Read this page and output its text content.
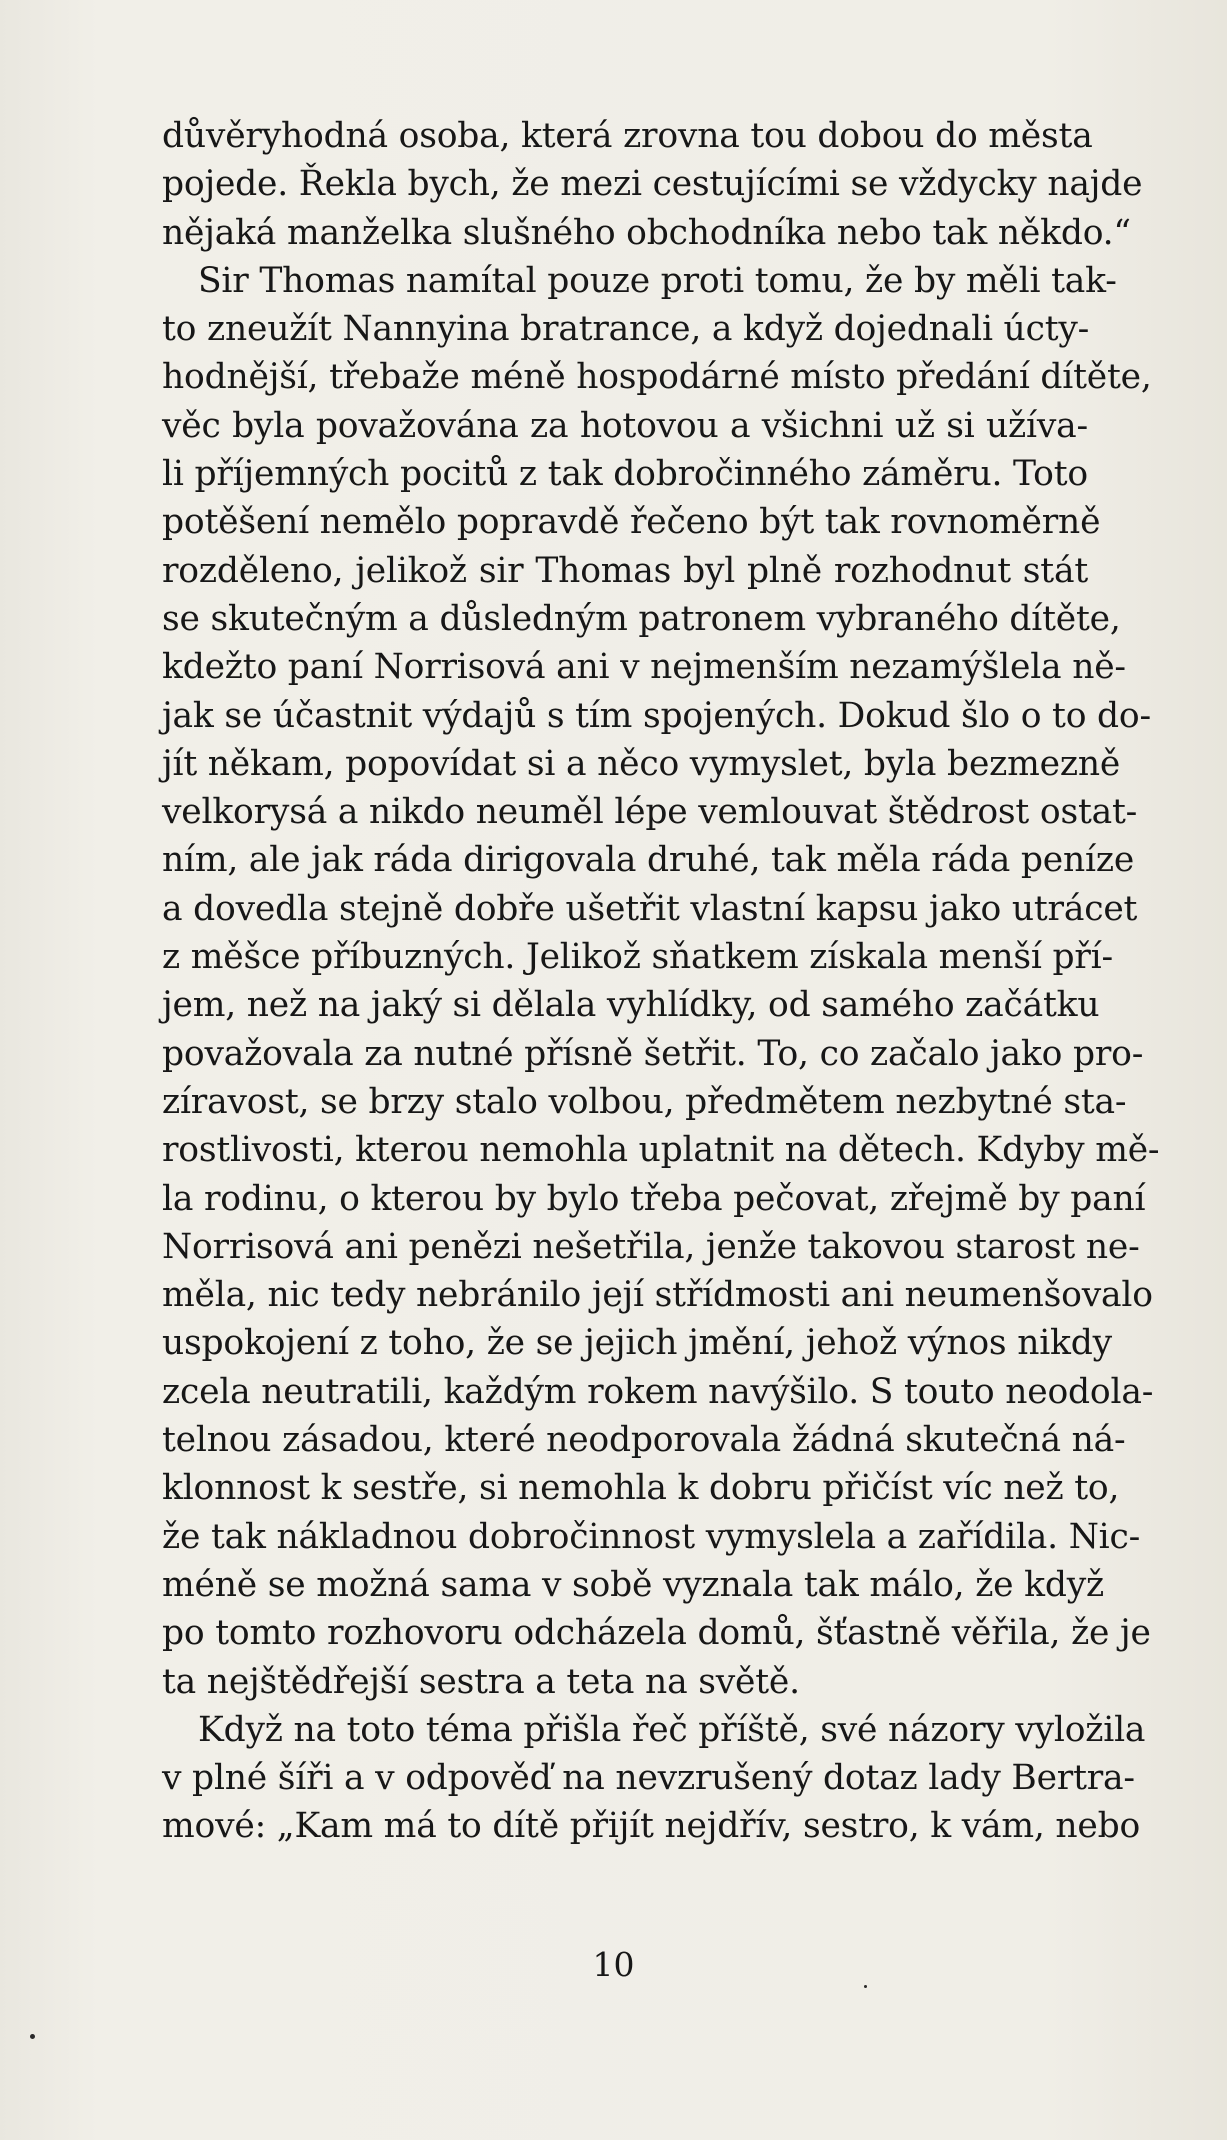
důvěryhodná osoba, která zrovna tou dobou do města
pojede. Řekla bych, že mezi cestujícími se vždycky najde
nějaká manželka slušného obchodníka nebo tak někdo.“
Sir Thomas namítal pouze proti tomu, že by měli tak-
to zneužít Nannyina bratrance, a když dojednali úcty-
hodnější, třebaže méně hospodárné místo předání dítěte,
věc byla považována za hotovou a všichni už si užíva-
li příjemných pocitů z tak dobročinného záměru. Toto
potěšení nemělo popravdě řečeno být tak rovnoměrně
rozděleno, jelikož sir Thomas byl plně rozhodnut stát
se skutečným a důsledným patronem vybraného dítěte,
kdežto paní Norrisová ani v nejmenším nezamýšlela ně-
jak se účastnit výdajů s tím spojených. Dokud šlo o to do-
jít někam, popovídat si a něco vymyslet, byla bezmezně
velkorysá a nikdo neuměl lépe vemlouvat štědrost ostat-
ním, ale jak ráda dirigovala druhé, tak měla ráda peníze
a dovedla stejně dobře ušetřit vlastní kapsu jako utrácet
z měšce příbuzných. Jelikož sňatkem získala menší pří-
jem, než na jaký si dělala vyhlídky, od samého začátku
považovala za nutné přísně šetřit. To, co začalo jako pro-
zíravost, se brzy stalo volbou, předmětem nezbytné sta-
rostlivosti, kterou nemohla uplatnit na dětech. Kdyby mě-
la rodinu, o kterou by bylo třeba pečovat, zřejmě by paní
Norrisová ani penězi nešetřila, jenže takovou starost ne-
měla, nic tedy nebránilo její střídmosti ani neumenšovalo
uspokojení z toho, že se jejich jmění, jehož výnos nikdy
zcela neutratili, každým rokem navýšilo. S touto neodola-
telnou zásadou, které neodporovala žádná skutečná ná-
klonnost k sestře, si nemohla k dobru přičíst víc než to,
že tak nákladnou dobročinnost vymyslela a zařídila. Nic-
méně se možná sama v sobě vyznala tak málo, že když
po tomto rozhovoru odcházela domů, šťastně věřila, že je
ta nejštědřejší sestra a teta na světě.
Když na toto téma přišla řeč příště, své názory vyložila
v plné šíři a v odpověď na nevzrušený dotaz lady Bertra-
mové: „Kam má to dítě přijít nejdřív, sestro, k vám, nebo
10
